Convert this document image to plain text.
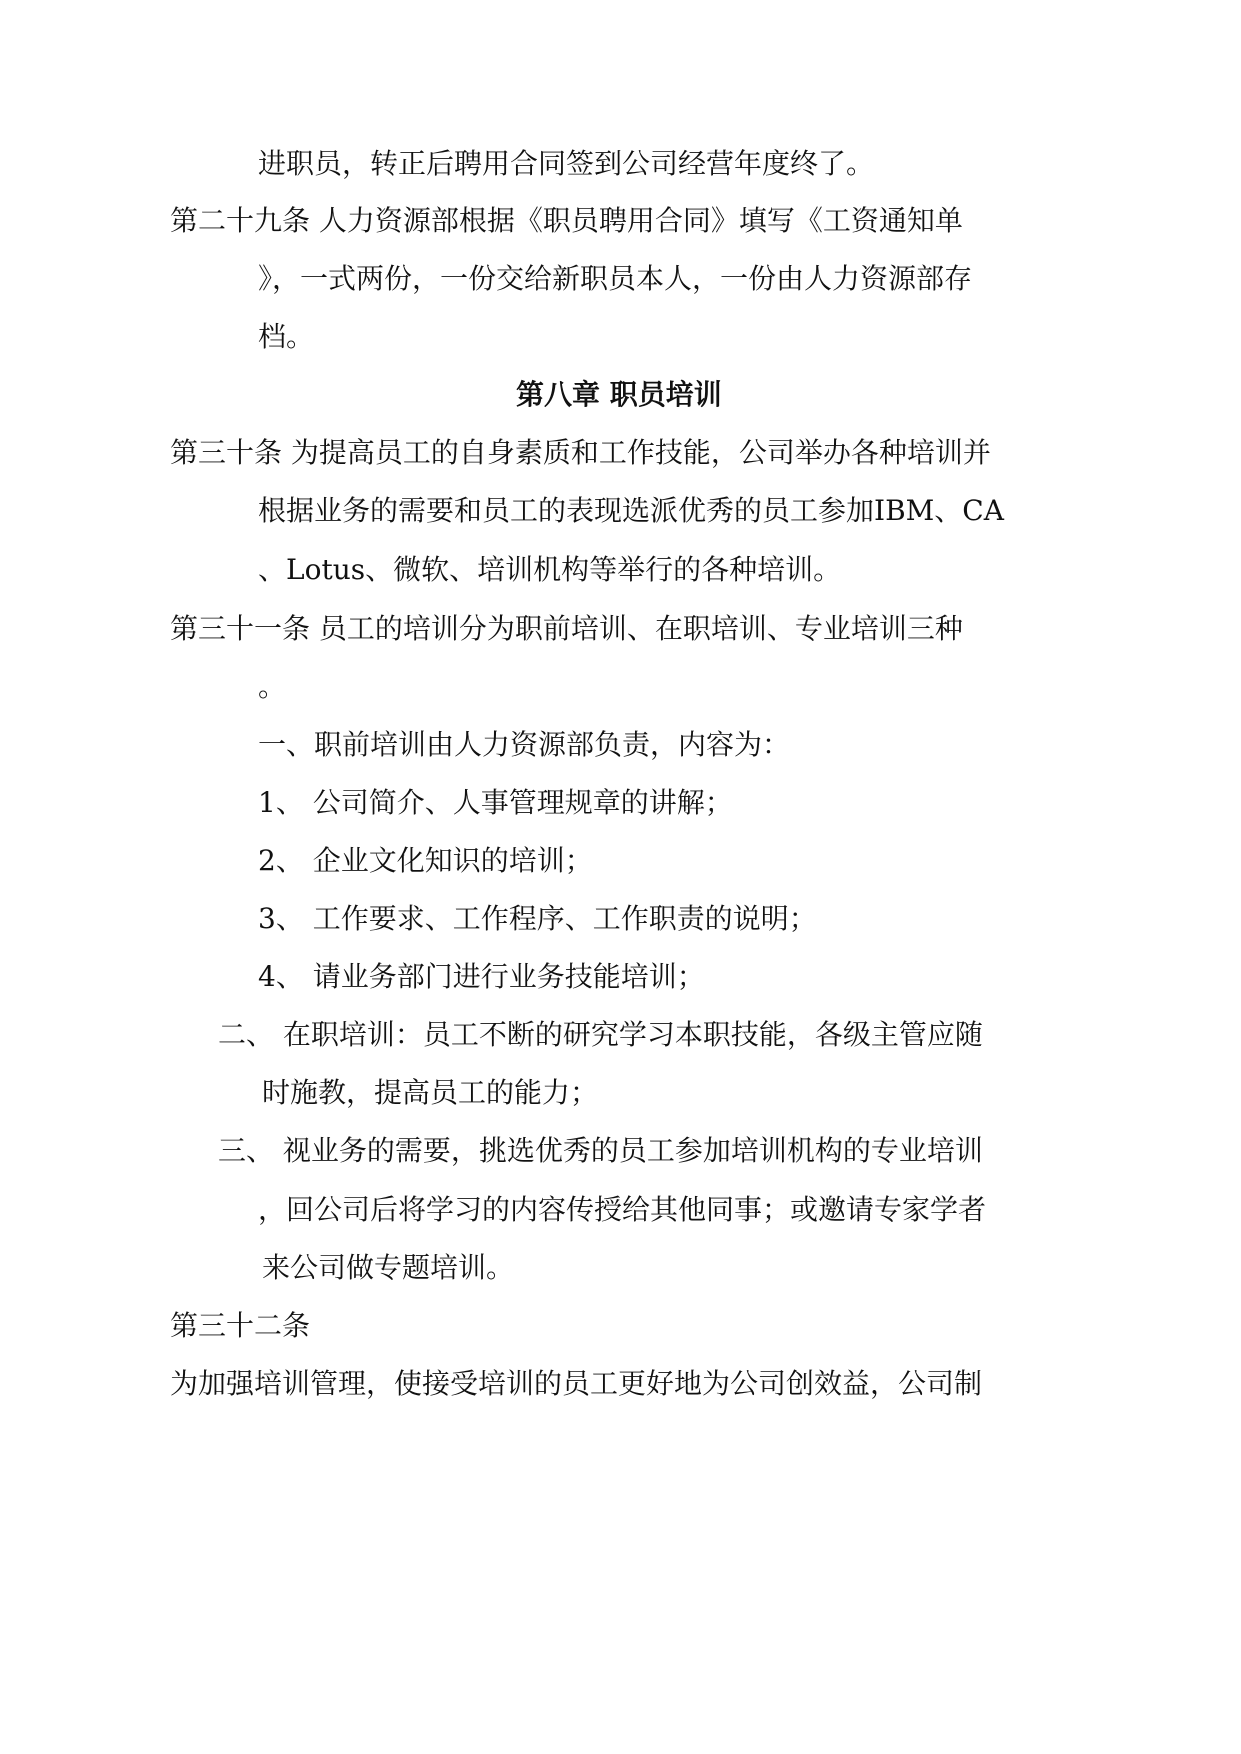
进职员，转正后聘用合同签到公司经营年度终了。
第二十九条 人力资源部根据《职员聘用合同》填写《工资通知单
》，一式两份，一份交给新职员本人，一份由人力资源部存
档。
第八章 职员培训
第三十条 为提高员工的自身素质和工作技能，公司举办各种培训并
根据业务的需要和员工的表现选派优秀的员工参加IBM、CA
、Lotus、微软、培训机构等举行的各种培训。
第三十一条 员工的培训分为职前培训、在职培训、专业培训三种
。
一、职前培训由人力资源部负责，内容为：
1、 公司简介、人事管理规章的讲解；
2、 企业文化知识的培训；
3、 工作要求、工作程序、工作职责的说明；
4、 请业务部门进行业务技能培训；
二、 在职培训：员工不断的研究学习本职技能，各级主管应随
时施教，提高员工的能力；
三、 视业务的需要，挑选优秀的员工参加培训机构的专业培训
，回公司后将学习的内容传授给其他同事；或邀请专家学者
来公司做专题培训。
第三十二条
为加强培训管理，使接受培训的员工更好地为公司创效益，公司制
